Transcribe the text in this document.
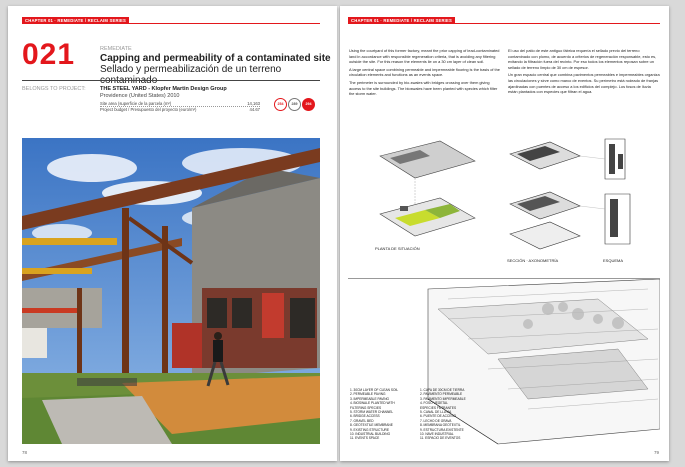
CHAPTER 01 · REMEDIATE / RECLAIM SERIES
021	REMEDIATE
Capping and permeability of a contaminated site
Sellado y permeabilización de un terreno
BELONGS TO PROJECT:	THE STEEL YARD - Klopfer Martin Design Group
Providence (United States) 2010
Site area (superficie de la parcela (m²)	14,163
Project budget / Presupuesto del proyecto (euro/m²)	44.67
254	289	294
78
CHAPTER 01 · REMEDIATE / RECLAIM SERIES

Using the courtyard of this former factory, meant the prior capping of lead-contaminated land in accordance with responsible regeneration criteria, that is avoiding any filtering outside the site. For this reason the elements lie on a 30 cm layer of clean soil.

A large central space combining permeable and impermeable flooring is the basis of the circulation elements and functions as an events space.

The perimeter is surrounded by bio-swales with bridges crossing over them giving access to the site buildings. The bioswales have been planted with species which filter the storm water.

El uso del patio de este antiguo fábrica requería el sellado previo del terreno contaminado con plomo, de acuerdo a criterios de regeneración responsable, esto es, evitando la filtración fuera del recinto. Por eso todos los elementos reposan sobre un sellado de terreno limpio de 30 cm de espesor.

Un gran espacio central que combina pavimentos permeables e impermeables organiza las circulaciones y sirve como marco de eventos. Su perímetro está rodeado de franjas ajardinadas con puentes de acceso a los edificios del complejo. Los fosos de lluvia están plantados con especies que filtran el agua.

PLANTA DE SITUACIÓN
SECCIÓN · AXONOMETRÍA	ESQUEMA
1. 30CM LAYER OF CLEAN SOIL
2. PERMEABLE PAVING
3. IMPERMEABLE PAVING
4. BIOSWALE PLANTED WITH
FILTERING SPECIES
5. STORM WATER CHANNEL
6. BRIDGE ACCESS
7. GRAVEL BED
8. GEOTEXTILE MEMBRANE
9. EXISTING STRUCTURE
10. INDUSTRIAL BUILDING
11. EVENTS SPACE
1. CAPA DE 30CM DE TIERRA
2. PAVIMENTO PERMEABLE
3. PAVIMENTO IMPERMEABLE
4. FOSO VEGETAL
ESPECIES FILTRANTES
5. CANAL DE LLUVIA
6. PUENTE DE ACCESO
7. LECHO DE GRAVA
8. MEMBRANA GEOTEXTIL
9. ESTRUCTURA EXISTENTE
10. NAVE INDUSTRIAL
11. ESPACIO DE EVENTOS
79
